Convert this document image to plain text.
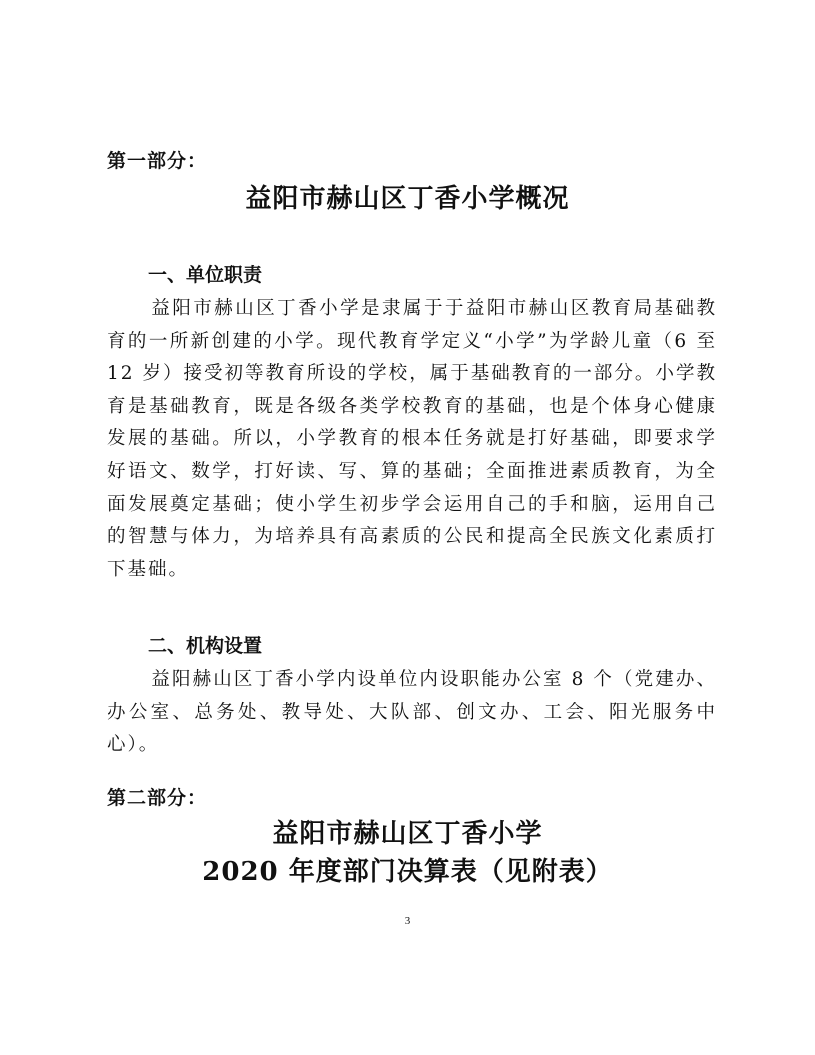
第一部分：
益阳市赫山区丁香小学概况
一、单位职责
益阳市赫山区丁香小学是隶属于于益阳市赫山区教育局基础教育的一所新创建的小学。现代教育学定义“小学”为学龄儿童（6 至 12 岁）接受初等教育所设的学校，属于基础教育的一部分。小学教育是基础教育，既是各级各类学校教育的基础，也是个体身心健康发展的基础。所以，小学教育的根本任务就是打好基础，即要求学好语文、数学，打好读、写、算的基础；全面推进素质教育，为全面发展奠定基础；使小学生初步学会运用自己的手和脑，运用自己的智慧与体力，为培养具有高素质的公民和提高全民族文化素质打下基础。
二、机构设置
益阳赫山区丁香小学内设单位内设职能办公室 8 个（党建办、办公室、总务处、教导处、大队部、创文办、工会、阳光服务中心）。
第二部分：
益阳市赫山区丁香小学
2020 年度部门决算表（见附表）
3
